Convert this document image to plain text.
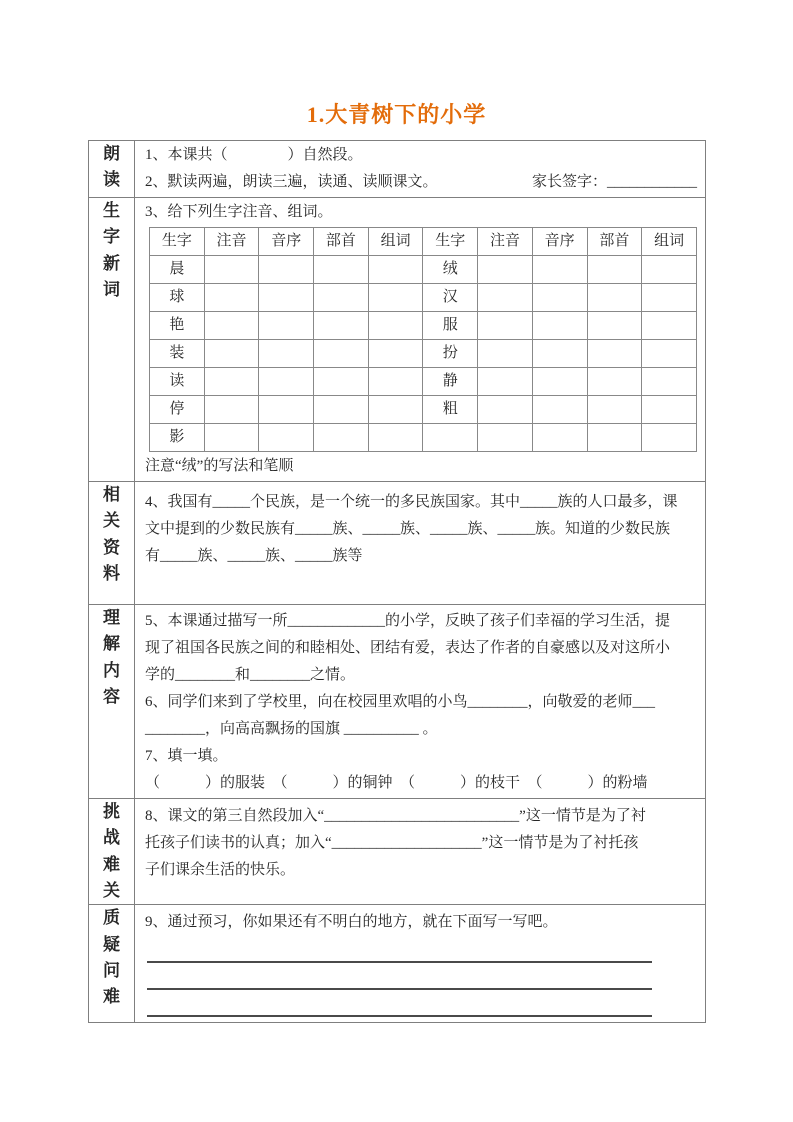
1.大青树下的小学
朗读	
1、本课共（　　　　）自然段。
2、默读两遍，朗读三遍，读通、读顺课文。	家长签字：____________

生字新词	
3、给下列生字注音、组词。
生字	注音	音序	部首	组词	生字	注音	音序	部首	组词
晨					绒				
球					汉				
艳					服				
装					扮				
读					静				
停					粗				
影									
注意“绒”的写法和笔顺

相关资料	
4、我国有_____个民族，是一个统一的多民族国家。其中_____族的人口最多，课
文中提到的少数民族有_____族、_____族、_____族、_____族。知道的少数民族
有_____族、_____族、_____族等

理解内容	
5、本课通过描写一所_____________的小学，反映了孩子们幸福的学习生活，提
现了祖国各民族之间的和睦相处、团结有爱，表达了作者的自豪感以及对这所小
学的________和________之情。
6、同学们来到了学校里，向在校园里欢唱的小鸟________，向敬爱的老师___
________，向高高飘扬的国旗 __________ 。
7、填一填。
（　　　）的服装　（　　　）的铜钟　（　　　）的枝干　（　　　）的粉墙

挑战难关	
8、课文的第三自然段加入“__________________________”这一情节是为了衬
托孩子们读书的认真；加入“____________________”这一情节是为了衬托孩
子们课余生活的快乐。

质疑问难	
9、通过预习，你如果还有不明白的地方，就在下面写一写吧。
